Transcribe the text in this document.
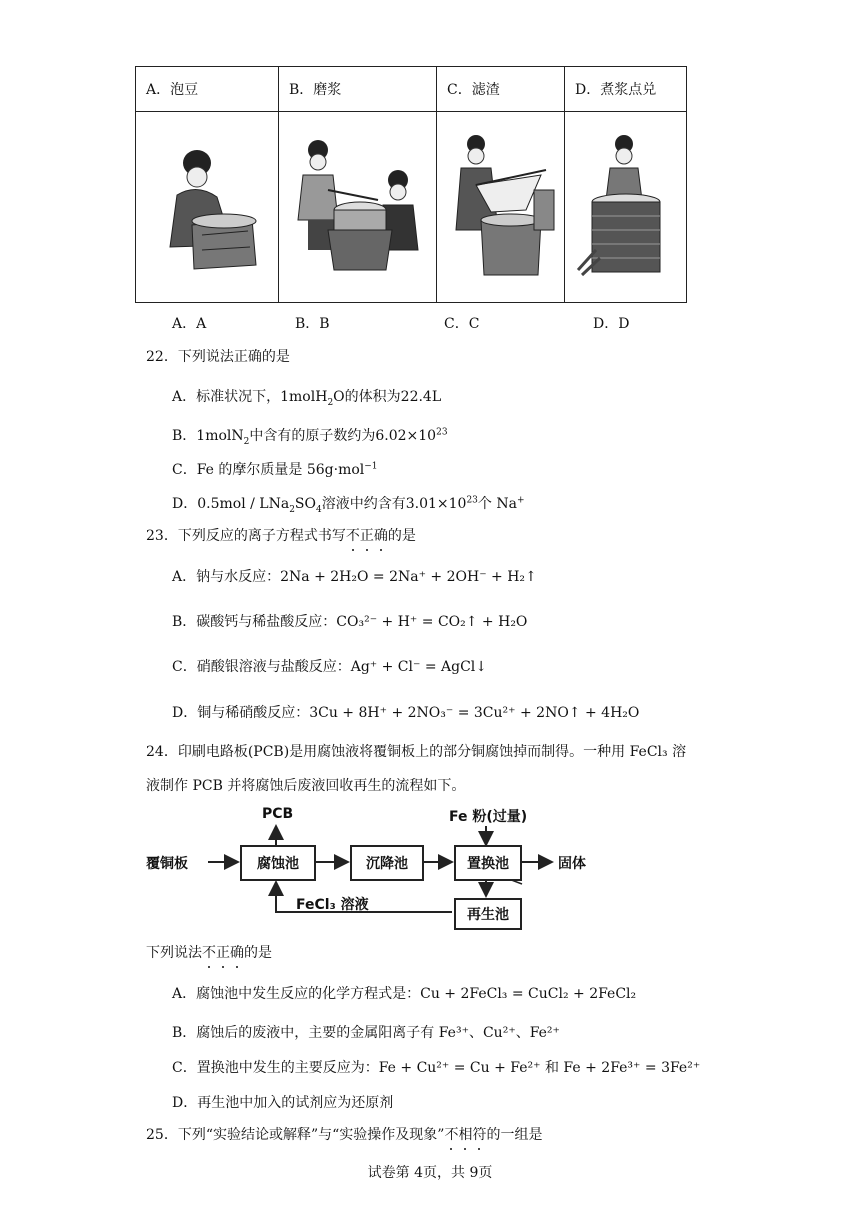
A．泡豆	B．磨浆	C．滤渣	D．煮浆点兑

A．A	B．B	C．C	D．D
22．下列说法正确的是
A．标准状况下，1molH$_2$O的体积为22.4L
B．1molN$_2$中含有的原子数约为$6.02\times 10^{23}$
C．Fe 的摩尔质量是 56g·mol$^{-1}$
D．$0.5mol / LNa_2SO_4$溶液中约含有$3.01\times 10^{23}$个 Na+
23．下列反应的离子方程式书写不正确的是
A．钠与水反应：2Na + 2H₂O = 2Na⁺ + 2OH⁻ + H₂↑
B．碳酸钙与稀盐酸反应：CO₃²⁻ + H⁺ = CO₂↑ + H₂O
C．硝酸银溶液与盐酸反应：Ag⁺ + Cl⁻ = AgCl↓
D．铜与稀硝酸反应：3Cu + 8H⁺ + 2NO₃⁻ = 3Cu²⁺ + 2NO↑ + 4H₂O
24．印刷电路板(PCB)是用腐蚀液将覆铜板上的部分铜腐蚀掉而制得。一种用 FeCl₃ 溶
液制作 PCB 并将腐蚀后废液回收再生的流程如下。
覆铜板
PCB	Fe 粉(过量)
腐蚀池	沉降池	置换池
再生池
固体
FeCl₃ 溶液
下列说法不正确的是
A．腐蚀池中发生反应的化学方程式是：Cu + 2FeCl₃ = CuCl₂ + 2FeCl₂
B．腐蚀后的废液中，主要的金属阳离子有 Fe³⁺、Cu²⁺、Fe²⁺
C．置换池中发生的主要反应为：Fe + Cu²⁺ = Cu + Fe²⁺ 和 Fe + 2Fe³⁺ = 3Fe²⁺
D．再生池中加入的试剂应为还原剂
25．下列“实验结论或解释”与“实验操作及现象”不相符的一组是
试卷第 4页，共 9页
